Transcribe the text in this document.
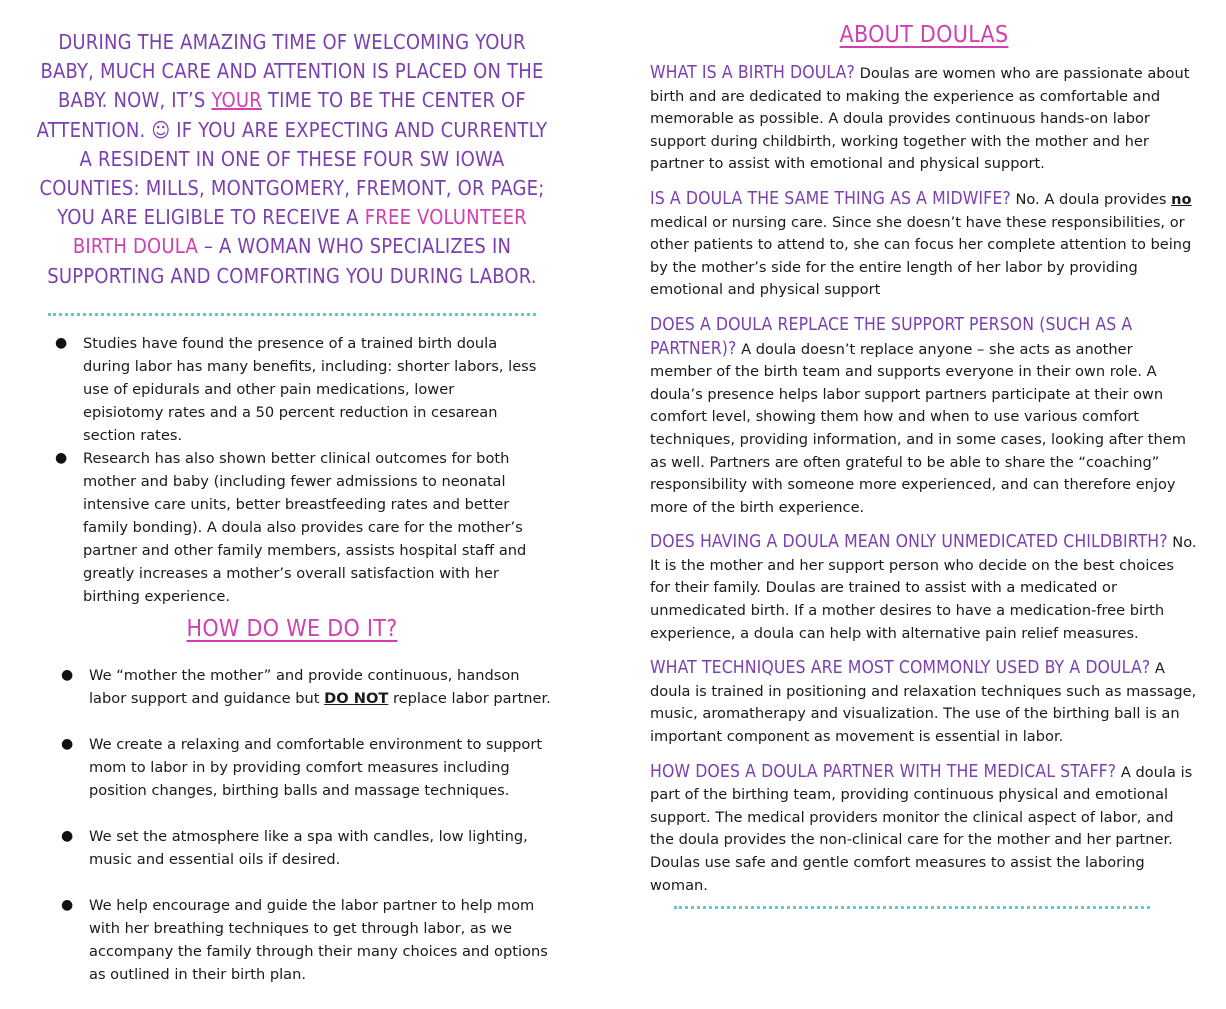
DURING THE AMAZING TIME OF WELCOMING YOUR BABY, MUCH CARE AND ATTENTION IS PLACED ON THE BABY. NOW, IT’S YOUR TIME TO BE THE CENTER OF ATTENTION. ☺ IF YOU ARE EXPECTING AND CURRENTLY A RESIDENT IN ONE OF THESE FOUR SW IOWA COUNTIES: MILLS, MONTGOMERY, FREMONT, OR PAGE; YOU ARE ELIGIBLE TO RECEIVE A FREE VOLUNTEER BIRTH DOULA – A WOMAN WHO SPECIALIZES IN SUPPORTING AND COMFORTING YOU DURING LABOR.
● Studies have found the presence of a trained birth doula during labor has many benefits, including: shorter labors, less use of epidurals and other pain medications, lower episiotomy rates and a 50 percent reduction in cesarean section rates.
● Research has also shown better clinical outcomes for both mother and baby (including fewer admissions to neonatal intensive care units, better breastfeeding rates and better family bonding). A doula also provides care for the mother’s partner and other family members, assists hospital staff and greatly increases a mother’s overall satisfaction with her birthing experience.
HOW DO WE DO IT?
● We “mother the mother” and provide continuous, handson labor support and guidance but DO NOT replace labor partner.
● We create a relaxing and comfortable environment to support mom to labor in by providing comfort measures including position changes, birthing balls and massage techniques.
● We set the atmosphere like a spa with candles, low lighting, music and essential oils if desired.
● We help encourage and guide the labor partner to help mom with her breathing techniques to get through labor, as we accompany the family through their many choices and options as outlined in their birth plan.
ABOUT DOULAS
WHAT IS A BIRTH DOULA? Doulas are women who are passionate about birth and are dedicated to making the experience as comfortable and memorable as possible. A doula provides continuous hands-on labor support during childbirth, working together with the mother and her partner to assist with emotional and physical support.
IS A DOULA THE SAME THING AS A MIDWIFE? No. A doula provides no medical or nursing care. Since she doesn’t have these responsibilities, or other patients to attend to, she can focus her complete attention to being by the mother’s side for the entire length of her labor by providing emotional and physical support
DOES A DOULA REPLACE THE SUPPORT PERSON (SUCH AS A PARTNER)? A doula doesn’t replace anyone – she acts as another member of the birth team and supports everyone in their own role. A doula’s presence helps labor support partners participate at their own comfort level, showing them how and when to use various comfort techniques, providing information, and in some cases, looking after them as well. Partners are often grateful to be able to share the “coaching” responsibility with someone more experienced, and can therefore enjoy more of the birth experience.
DOES HAVING A DOULA MEAN ONLY UNMEDICATED CHILDBIRTH? No. It is the mother and her support person who decide on the best choices for their family. Doulas are trained to assist with a medicated or unmedicated birth. If a mother desires to have a medication-free birth experience, a doula can help with alternative pain relief measures.
WHAT TECHNIQUES ARE MOST COMMONLY USED BY A DOULA? A doula is trained in positioning and relaxation techniques such as massage, music, aromatherapy and visualization. The use of the birthing ball is an important component as movement is essential in labor.
HOW DOES A DOULA PARTNER WITH THE MEDICAL STAFF? A doula is part of the birthing team, providing continuous physical and emotional support. The medical providers monitor the clinical aspect of labor, and the doula provides the non-clinical care for the mother and her partner. Doulas use safe and gentle comfort measures to assist the laboring woman.
